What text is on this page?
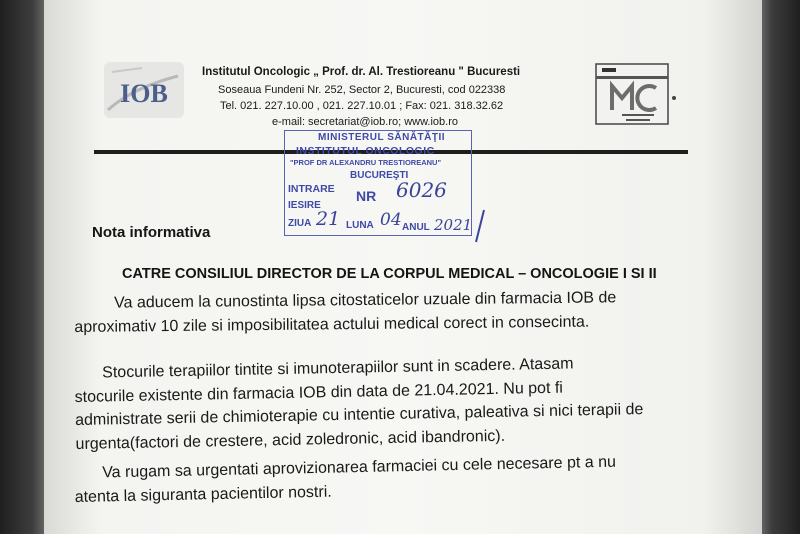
IOB
Institutul Oncologic „ Prof. dr. Al. Trestioreanu " Bucuresti
Soseaua Fundeni Nr. 252, Sector 2, Bucuresti, cod 022338
Tel. 021. 227.10.00 , 021. 227.10.01 ; Fax: 021. 318.32.62
e-mail: secretariat@iob.ro; www.iob.ro
MINISTERUL SĂNĂTĂŢII
INSTITUTUL ONCOLOGIC
"PROF DR ALEXANDRU TRESTIOREANU"
BUCUREŞTI
INTRARE NR 6026
IESIRE
ZIUA 21 LUNA 04 ANUL 2021
Nota informativa
CATRE CONSILIUL DIRECTOR DE LA CORPUL MEDICAL – ONCOLOGIE I SI II
Va aducem la cunostinta lipsa citostaticelor uzuale din farmacia IOB de
aproximativ 10 zile si imposibilitatea actului medical corect in consecinta.
Stocurile terapiilor tintite si imunoterapiilor sunt in scadere. Atasam
stocurile existente din farmacia IOB din data de 21.04.2021. Nu pot fi
administrate serii de chimioterapie cu intentie curativa, paleativa si nici terapii de
urgenta(factori de crestere, acid zoledronic, acid ibandronic).
Va rugam sa urgentati aprovizionarea farmaciei cu cele necesare pt a nu
atenta la siguranta pacientilor nostri.
